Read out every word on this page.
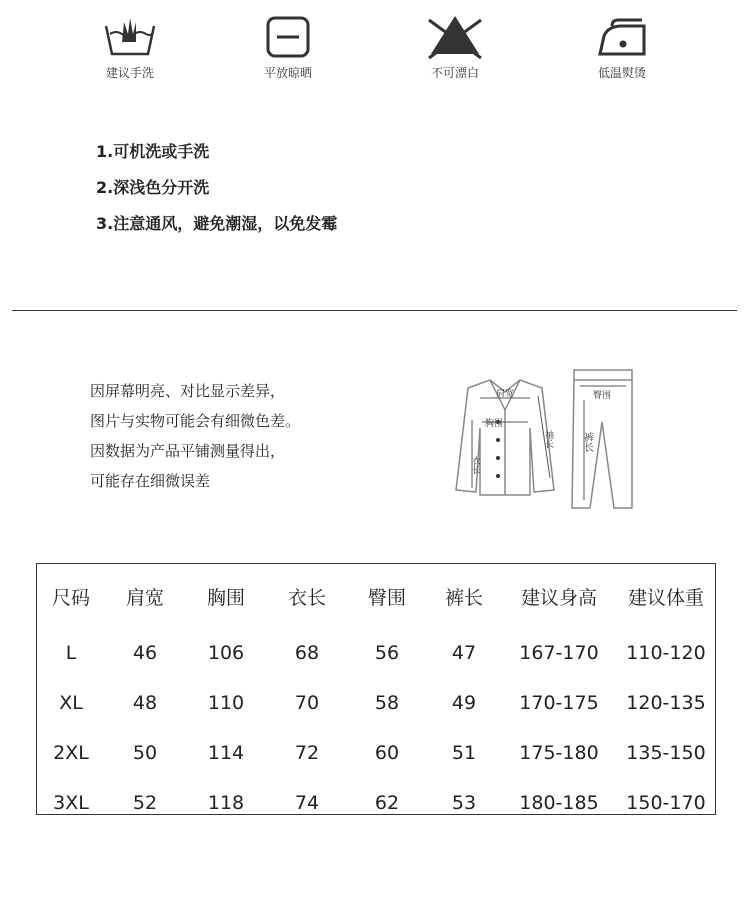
建议手洗	平放晾晒	不可漂白	低温熨烫
1.可机洗或手洗
2.深浅色分开洗
3.注意通风，避免潮湿，以免发霉
因屏幕明亮、对比显示差异，
图片与实物可能会有细微色差。
因数据为产品平铺测量得出，
可能存在细微误差
肩宽
胸围
衣长
袖长
臀围
裤长
尺码	肩宽	胸围	衣长	臀围	裤长	建议身高	建议体重
L	46	106	68	56	47	167-170	110-120
XL	48	110	70	58	49	170-175	120-135
2XL	50	114	72	60	51	175-180	135-150
3XL	52	118	74	62	53	180-185	150-170
